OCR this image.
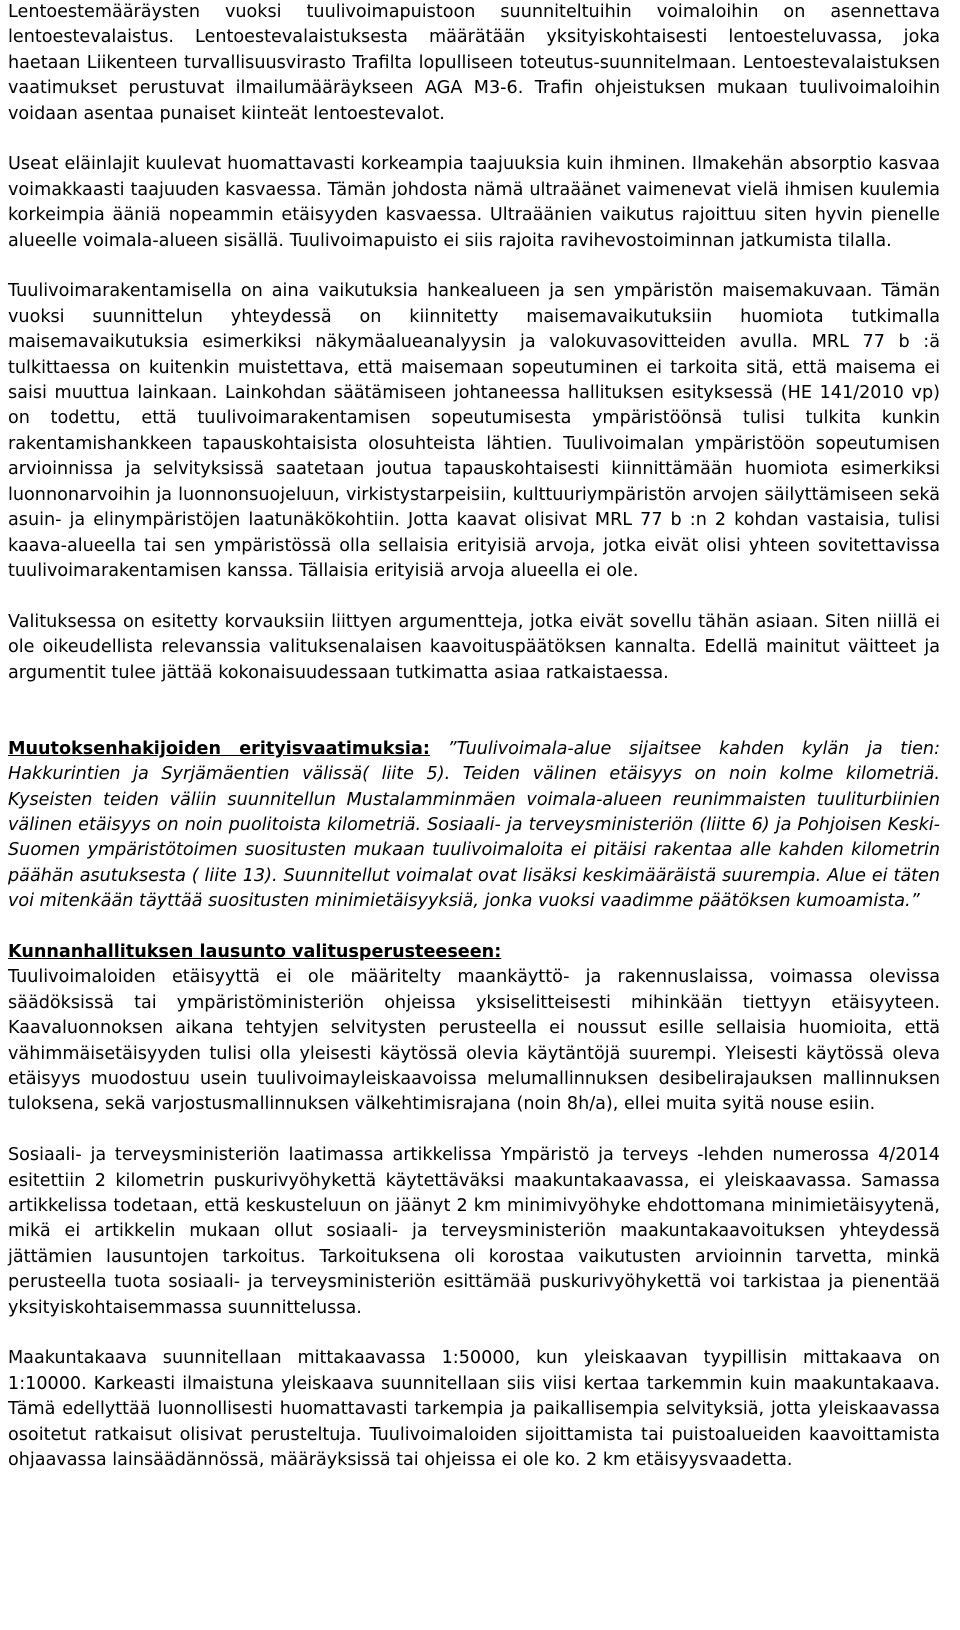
Lentoestemääräysten vuoksi tuulivoimapuistoon suunniteltuihin voimaloihin on asennettava lentoestevalaistus. Lentoestevalaistuksesta määrätään yksityiskohtaisesti lentoesteluvassa, joka haetaan Liikenteen turvallisuusvirasto Trafilta lopulliseen toteutus-suunnitelmaan. Lentoestevalaistuksen vaatimukset perustuvat ilmailumääräykseen AGA M3-6. Trafin ohjeistuksen mukaan tuulivoimaloihin voidaan asentaa punaiset kiinteät lentoestevalot.

Useat eläinlajit kuulevat huomattavasti korkeampia taajuuksia kuin ihminen. Ilmakehän absorptio kasvaa voimakkaasti taajuuden kasvaessa. Tämän johdosta nämä ultraäänet vaimenevat vielä ihmisen kuulemia korkeimpia ääniä nopeammin etäisyyden kasvaessa. Ultraäänien vaikutus rajoittuu siten hyvin pienelle alueelle voimala-alueen sisällä. Tuulivoimapuisto ei siis rajoita ravihevostoiminnan jatkumista tilalla.

Tuulivoimarakentamisella on aina vaikutuksia hankealueen ja sen ympäristön maisemakuvaan. Tämän vuoksi suunnittelun yhteydessä on kiinnitetty maisemavaikutuksiin huomiota tutkimalla maisemavaikutuksia esimerkiksi näkymäalueanalyysin ja valokuvasovitteiden avulla. MRL 77 b :ä tulkittaessa on kuitenkin muistettava, että maisemaan sopeutuminen ei tarkoita sitä, että maisema ei saisi muuttua lainkaan. Lainkohdan säätämiseen johtaneessa hallituksen esityksessä (HE 141/2010 vp) on todettu, että tuulivoimarakentamisen sopeutumisesta ympäristöönsä tulisi tulkita kunkin rakentamishankkeen tapauskohtaisista olosuhteista lähtien. Tuulivoimalan ympäristöön sopeutumisen arvioinnissa ja selvityksissä saatetaan joutua tapauskohtaisesti kiinnittämään huomiota esimerkiksi luonnonarvoihin ja luonnonsuojeluun, virkistystarpeisiin, kulttuuriympäristön arvojen säilyttämiseen sekä asuin- ja elinympäristöjen laatunäkökohtiin. Jotta kaavat olisivat MRL 77 b :n 2 kohdan vastaisia, tulisi kaava-alueella tai sen ympäristössä olla sellaisia erityisiä arvoja, jotka eivät olisi yhteen sovitettavissa tuulivoimarakentamisen kanssa. Tällaisia erityisiä arvoja alueella ei ole.

Valituksessa on esitetty korvauksiin liittyen argumentteja, jotka eivät sovellu tähän asiaan. Siten niillä ei ole oikeudellista relevanssia valituksenalaisen kaavoituspäätöksen kannalta. Edellä mainitut väitteet ja argumentit tulee jättää kokonaisuudessaan tutkimatta asiaa ratkaistaessa.

Muutoksenhakijoiden erityisvaatimuksia: ”Tuulivoimala-alue sijaitsee kahden kylän ja tien: Hakkurintien ja Syrjämäentien välissä( liite 5). Teiden välinen etäisyys on noin kolme kilometriä. Kyseisten teiden väliin suunnitellun Mustalamminmäen voimala-alueen reunimmaisten tuuliturbiinien välinen etäisyys on noin puolitoista kilometriä. Sosiaali- ja terveysministeriön (liitte 6) ja Pohjoisen Keski-Suomen ympäristötoimen suositusten mukaan tuulivoimaloita ei pitäisi rakentaa alle kahden kilometrin päähän asutuksesta ( liite 13). Suunnitellut voimalat ovat lisäksi keskimääräistä suurempia. Alue ei täten voi mitenkään täyttää suositusten minimietäisyyksiä, jonka vuoksi vaadimme päätöksen kumoamista.”

Kunnanhallituksen lausunto valitusperusteeseen:

Tuulivoimaloiden etäisyyttä ei ole määritelty maankäyttö- ja rakennuslaissa, voimassa olevissa säädöksissä tai ympäristöministeriön ohjeissa yksiselitteisesti mihinkään tiettyyn etäisyyteen. Kaavaluonnoksen aikana tehtyjen selvitysten perusteella ei noussut esille sellaisia huomioita, että vähimmäisetäisyyden tulisi olla yleisesti käytössä olevia käytäntöjä suurempi. Yleisesti käytössä oleva etäisyys muodostuu usein tuulivoimayleiskaavoissa melumallinnuksen desibelirajauksen mallinnuksen tuloksena, sekä varjostusmallinnuksen välkehtimisrajana (noin 8h/a), ellei muita syitä nouse esiin.

Sosiaali- ja terveysministeriön laatimassa artikkelissa Ympäristö ja terveys -lehden numerossa 4/2014 esitettiin 2 kilometrin puskurivyöhykettä käytettäväksi maakuntakaavassa, ei yleiskaavassa. Samassa artikkelissa todetaan, että keskusteluun on jäänyt 2 km minimivyöhyke ehdottomana minimietäisyytenä, mikä ei artikkelin mukaan ollut sosiaali- ja terveysministeriön maakuntakaavoituksen yhteydessä jättämien lausuntojen tarkoitus. Tarkoituksena oli korostaa vaikutusten arvioinnin tarvetta, minkä perusteella tuota sosiaali- ja terveysministeriön esittämää puskurivyöhykettä voi tarkistaa ja pienentää yksityiskohtaisemmassa suunnittelussa.

Maakuntakaava suunnitellaan mittakaavassa 1:50000, kun yleiskaavan tyypillisin mittakaava on 1:10000. Karkeasti ilmaistuna yleiskaava suunnitellaan siis viisi kertaa tarkemmin kuin maakuntakaava. Tämä edellyttää luonnollisesti huomattavasti tarkempia ja paikallisempia selvityksiä, jotta yleiskaavassa osoitetut ratkaisut olisivat perusteltuja. Tuulivoimaloiden sijoittamista tai puistoalueiden kaavoittamista ohjaavassa lainsäädännössä, määräyksissä tai ohjeissa ei ole ko. 2 km etäisyysvaadetta.
